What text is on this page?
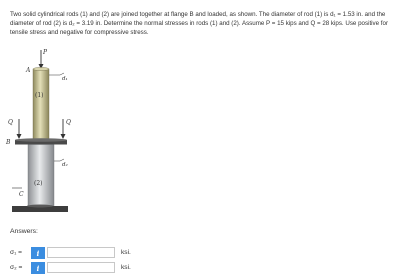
Two solid cylindrical rods (1) and (2) are joined together at flange B and loaded, as shown. The diameter of rod (1) is d₁ = 1.53 in. and the diameter of rod (2) is d₂ = 3.19 in. Determine the normal stresses in rods (1) and (2). Assume P = 15 kips and Q = 28 kips. Use positive for tensile stress and negative for compressive stress.
P
A
(1)
d₁
Q	Q
B
(2)
d₂
C
Answers:
σ₁ =	i	ksi.
σ₂ =	i	ksi.
